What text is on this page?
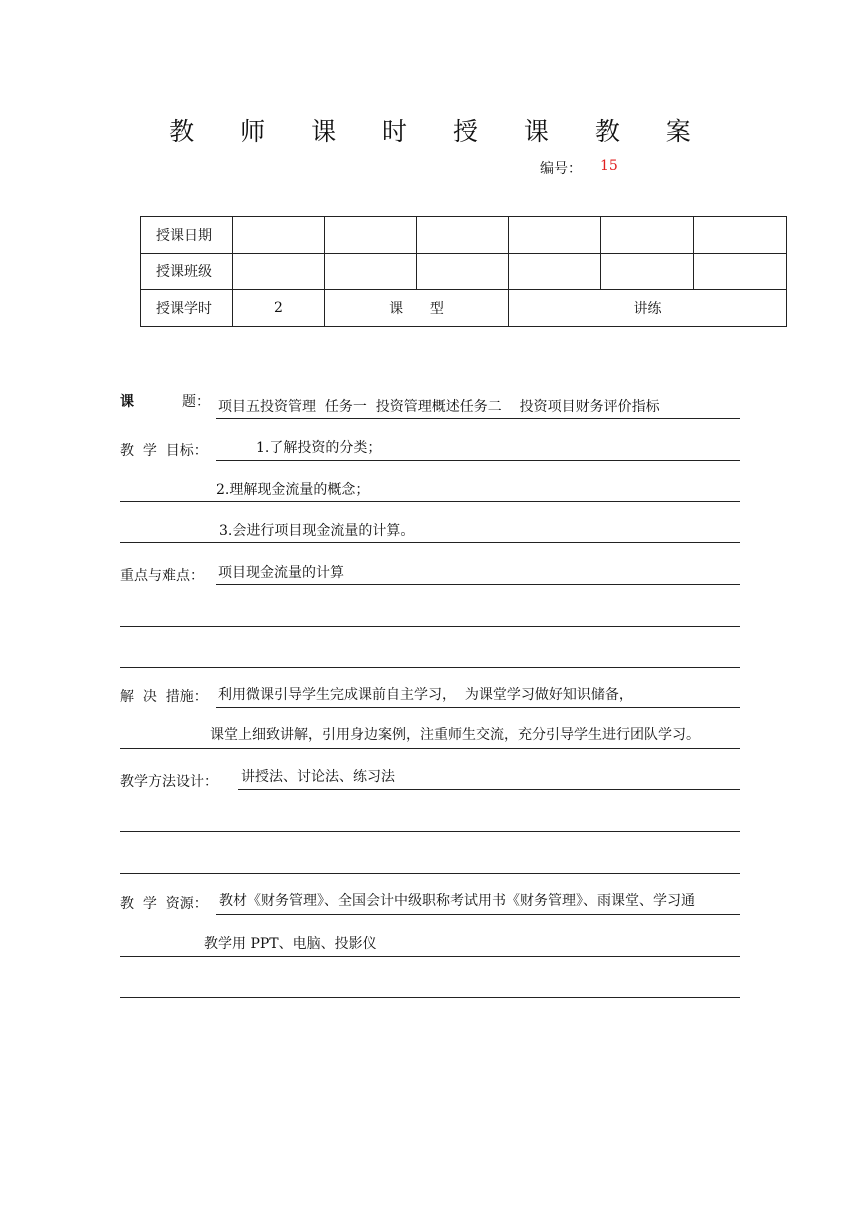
教 师 课 时 授 课 教 案
编号： 15
授课日期						
授课班级						
授课学时	2	课      型		讲练		
课	题： 项目五投资管理  任务一  投资管理概述任务二    投资项目财务评价指标
教  学  目标：	1.了解投资的分类；
2.理解现金流量的概念；
3.会进行项目现金流量的计算。
重点与难点： 项目现金流量的计算
解  决  措施： 利用微课引导学生完成课前自主学习，  为课堂学习做好知识储备，
课堂上细致讲解，引用身边案例，注重师生交流，充分引导学生进行团队学习。
教学方法设计： 讲授法、讨论法、练习法
教  学  资源： 教材《财务管理》、全国会计中级职称考试用书《财务管理》、雨课堂、学习通
教学用 PPT、电脑、投影仪
